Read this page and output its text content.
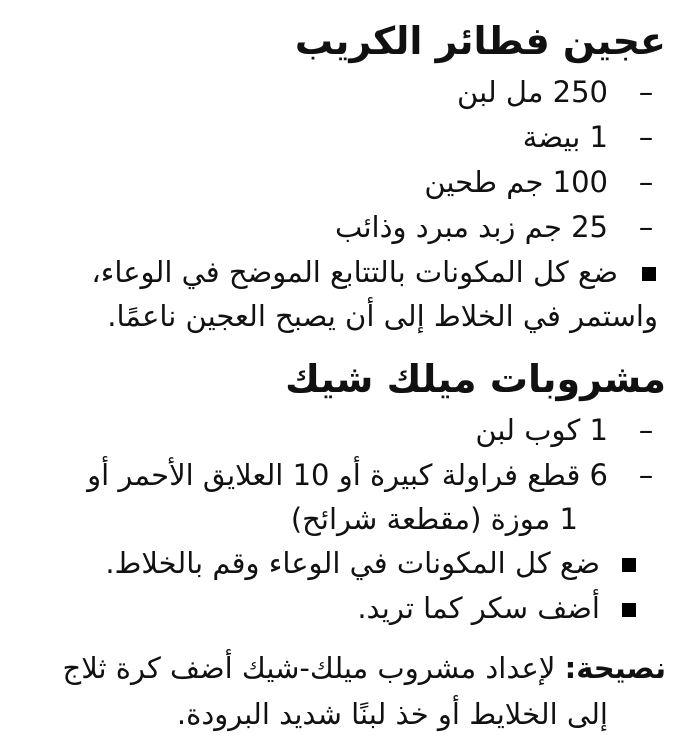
عجين فطائر الكريب
–
250 مل لبن
–
1 بيضة
–
100 جم طحين
–
25 جم زبد مبرد وذائب
ضع كل المكونات بالتتابع الموضح في الوعاء،
واستمر في الخلاط إلى أن يصبح العجين ناعمًا.
مشروبات ميلك شيك
–
1 كوب لبن
–
6 قطع فراولة كبيرة أو 10 العلايق الأحمر أو
1 موزة (مقطعة شرائح)
ضع كل المكونات في الوعاء وقم بالخلاط.
أضف سكر كما تريد.

نصيحة: لإعداد مشروب ميلك-شيك أضف كرة ثلاج
إلى الخلايط أو خذ لبنًا شديد البرودة.
